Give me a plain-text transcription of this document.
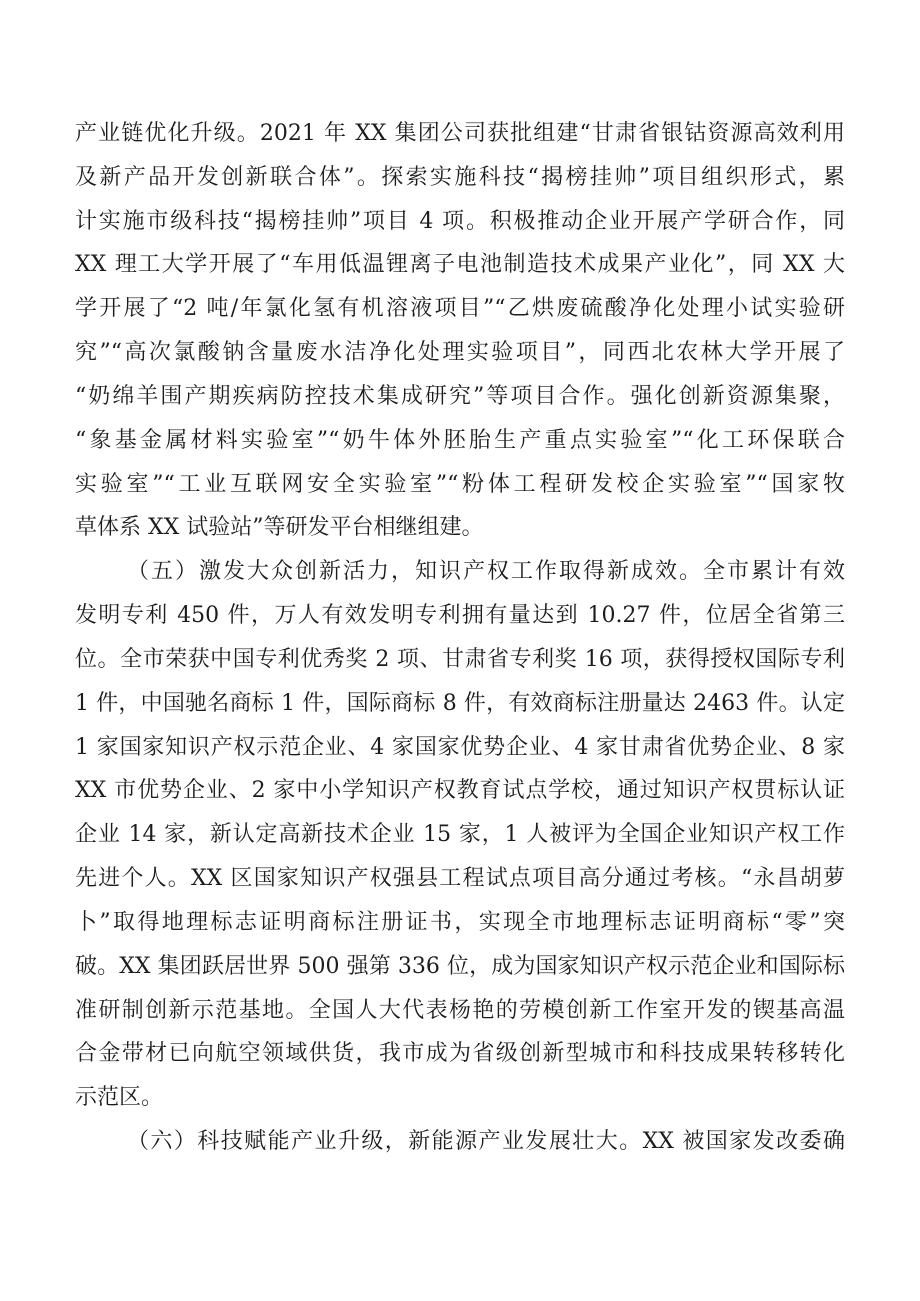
产业链优化升级。2021 年 XX 集团公司获批组建“甘肃省银钴资源高效利用
及新产品开发创新联合体”。探索实施科技“揭榜挂帅”项目组织形式，累
计实施市级科技“揭榜挂帅”项目 4 项。积极推动企业开展产学研合作，同
XX 理工大学开展了“车用低温锂离子电池制造技术成果产业化”，同 XX 大
学开展了“2 吨/年氯化氢有机溶液项目”“乙烘废硫酸净化处理小试实验研
究”“高次氯酸钠含量废水洁净化处理实验项目”，同西北农林大学开展了
“奶绵羊围产期疾病防控技术集成研究”等项目合作。强化创新资源集聚，
“象基金属材料实验室”“奶牛体外胚胎生产重点实验室”“化工环保联合
实验室”“工业互联网安全实验室”“粉体工程研发校企实验室”“国家牧
草体系 XX 试验站”等研发平台相继组建。
（五）激发大众创新活力，知识产权工作取得新成效。全市累计有效
发明专利 450 件，万人有效发明专利拥有量达到 10.27 件，位居全省第三
位。全市荣获中国专利优秀奖 2 项、甘肃省专利奖 16 项，获得授权国际专利
1 件，中国驰名商标 1 件，国际商标 8 件，有效商标注册量达 2463 件。认定
1 家国家知识产权示范企业、4 家国家优势企业、4 家甘肃省优势企业、8 家
XX 市优势企业、2 家中小学知识产权教育试点学校，通过知识产权贯标认证
企业 14 家，新认定高新技术企业 15 家，1 人被评为全国企业知识产权工作
先进个人。XX 区国家知识产权强县工程试点项目高分通过考核。“永昌胡萝
卜”取得地理标志证明商标注册证书，实现全市地理标志证明商标“零”突
破。XX 集团跃居世界 500 强第 336 位，成为国家知识产权示范企业和国际标
准研制创新示范基地。全国人大代表杨艳的劳模创新工作室开发的锲基高温
合金带材已向航空领域供货，我市成为省级创新型城市和科技成果转移转化
示范区。
（六）科技赋能产业升级，新能源产业发展壮大。XX 被国家发改委确
